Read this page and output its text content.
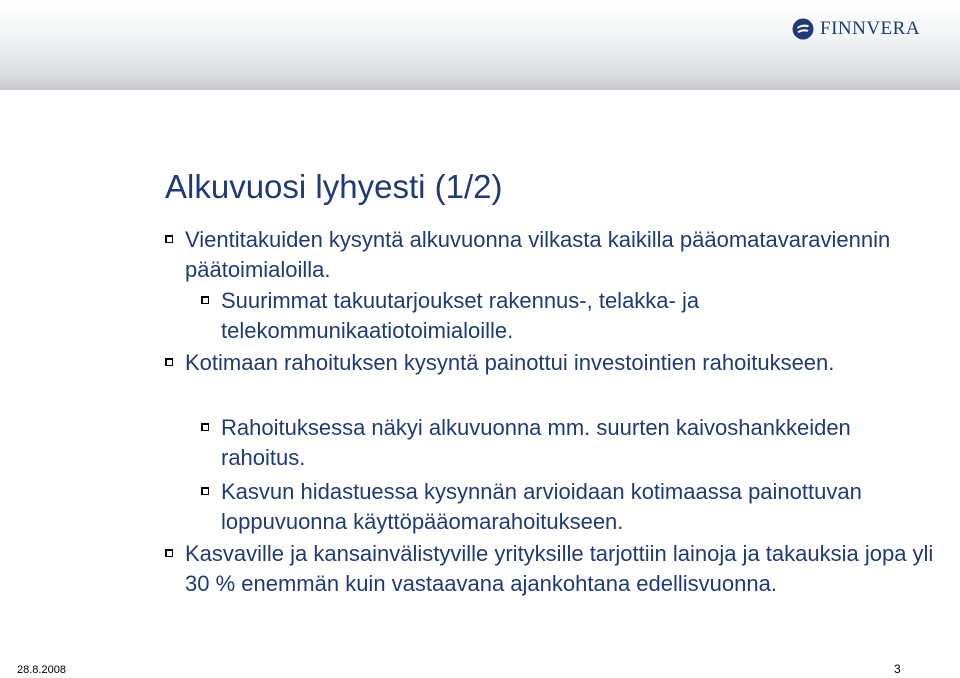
FINNVERA
Alkuvuosi lyhyesti (1/2)
Vientitakuiden kysyntä alkuvuonna vilkasta kaikilla pääomatavaraviennin päätoimialoilla.
Suurimmat takuutarjoukset rakennus-, telakka- ja telekommunikaatiotoimialoille.
Kotimaan rahoituksen kysyntä painottui investointien rahoitukseen.
Rahoituksessa näkyi alkuvuonna mm. suurten kaivoshankkeiden rahoitus.
Kasvun hidastuessa kysynnän arvioidaan kotimaassa painottuvan loppuvuonna käyttöpääomarahoitukseen.
Kasvaville ja kansainvälistyville yrityksille tarjottiin lainoja ja takauksia jopa yli 30 % enemmän kuin vastaavana ajankohtana edellisvuonna.
28.8.2008	3
